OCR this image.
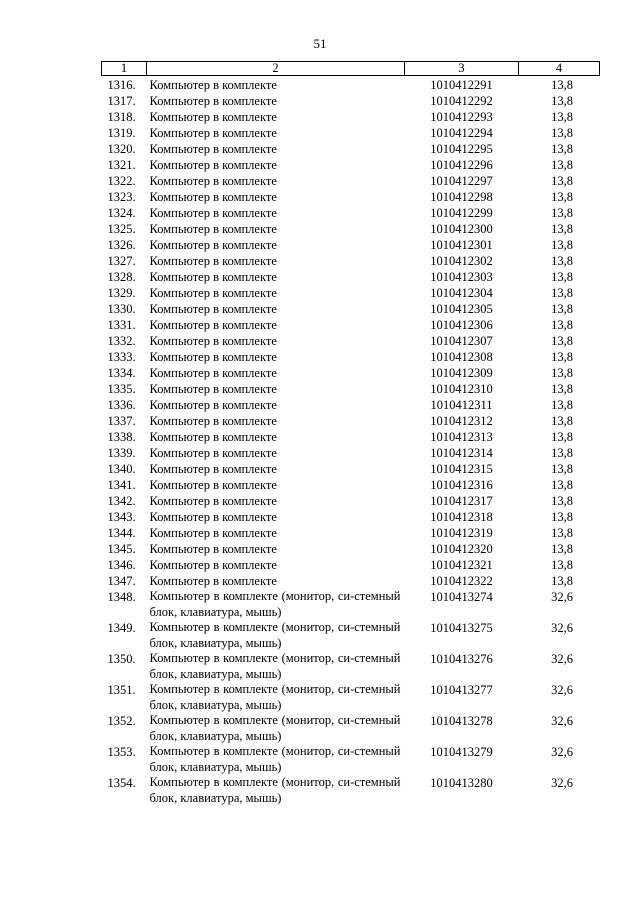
51
1	2	3	4
1316.	Компьютер в комплекте	1010412291	13,8
1317.	Компьютер в комплекте	1010412292	13,8
1318.	Компьютер в комплекте	1010412293	13,8
1319.	Компьютер в комплекте	1010412294	13,8
1320.	Компьютер в комплекте	1010412295	13,8
1321.	Компьютер в комплекте	1010412296	13,8
1322.	Компьютер в комплекте	1010412297	13,8
1323.	Компьютер в комплекте	1010412298	13,8
1324.	Компьютер в комплекте	1010412299	13,8
1325.	Компьютер в комплекте	1010412300	13,8
1326.	Компьютер в комплекте	1010412301	13,8
1327.	Компьютер в комплекте	1010412302	13,8
1328.	Компьютер в комплекте	1010412303	13,8
1329.	Компьютер в комплекте	1010412304	13,8
1330.	Компьютер в комплекте	1010412305	13,8
1331.	Компьютер в комплекте	1010412306	13,8
1332.	Компьютер в комплекте	1010412307	13,8
1333.	Компьютер в комплекте	1010412308	13,8
1334.	Компьютер в комплекте	1010412309	13,8
1335.	Компьютер в комплекте	1010412310	13,8
1336.	Компьютер в комплекте	1010412311	13,8
1337.	Компьютер в комплекте	1010412312	13,8
1338.	Компьютер в комплекте	1010412313	13,8
1339.	Компьютер в комплекте	1010412314	13,8
1340.	Компьютер в комплекте	1010412315	13,8
1341.	Компьютер в комплекте	1010412316	13,8
1342.	Компьютер в комплекте	1010412317	13,8
1343.	Компьютер в комплекте	1010412318	13,8
1344.	Компьютер в комплекте	1010412319	13,8
1345.	Компьютер в комплекте	1010412320	13,8
1346.	Компьютер в комплекте	1010412321	13,8
1347.	Компьютер в комплекте	1010412322	13,8
1348.	Компьютер в комплекте (монитор, си-стемный блок, клавиатура, мышь)	1010413274	32,6
1349.	Компьютер в комплекте (монитор, си-стемный блок, клавиатура, мышь)	1010413275	32,6
1350.	Компьютер в комплекте (монитор, си-стемный блок, клавиатура, мышь)	1010413276	32,6
1351.	Компьютер в комплекте (монитор, си-стемный блок, клавиатура, мышь)	1010413277	32,6
1352.	Компьютер в комплекте (монитор, си-стемный блок, клавиатура, мышь)	1010413278	32,6
1353.	Компьютер в комплекте (монитор, си-стемный блок, клавиатура, мышь)	1010413279	32,6
1354.	Компьютер в комплекте (монитор, си-стемный блок, клавиатура, мышь)	1010413280	32,6
